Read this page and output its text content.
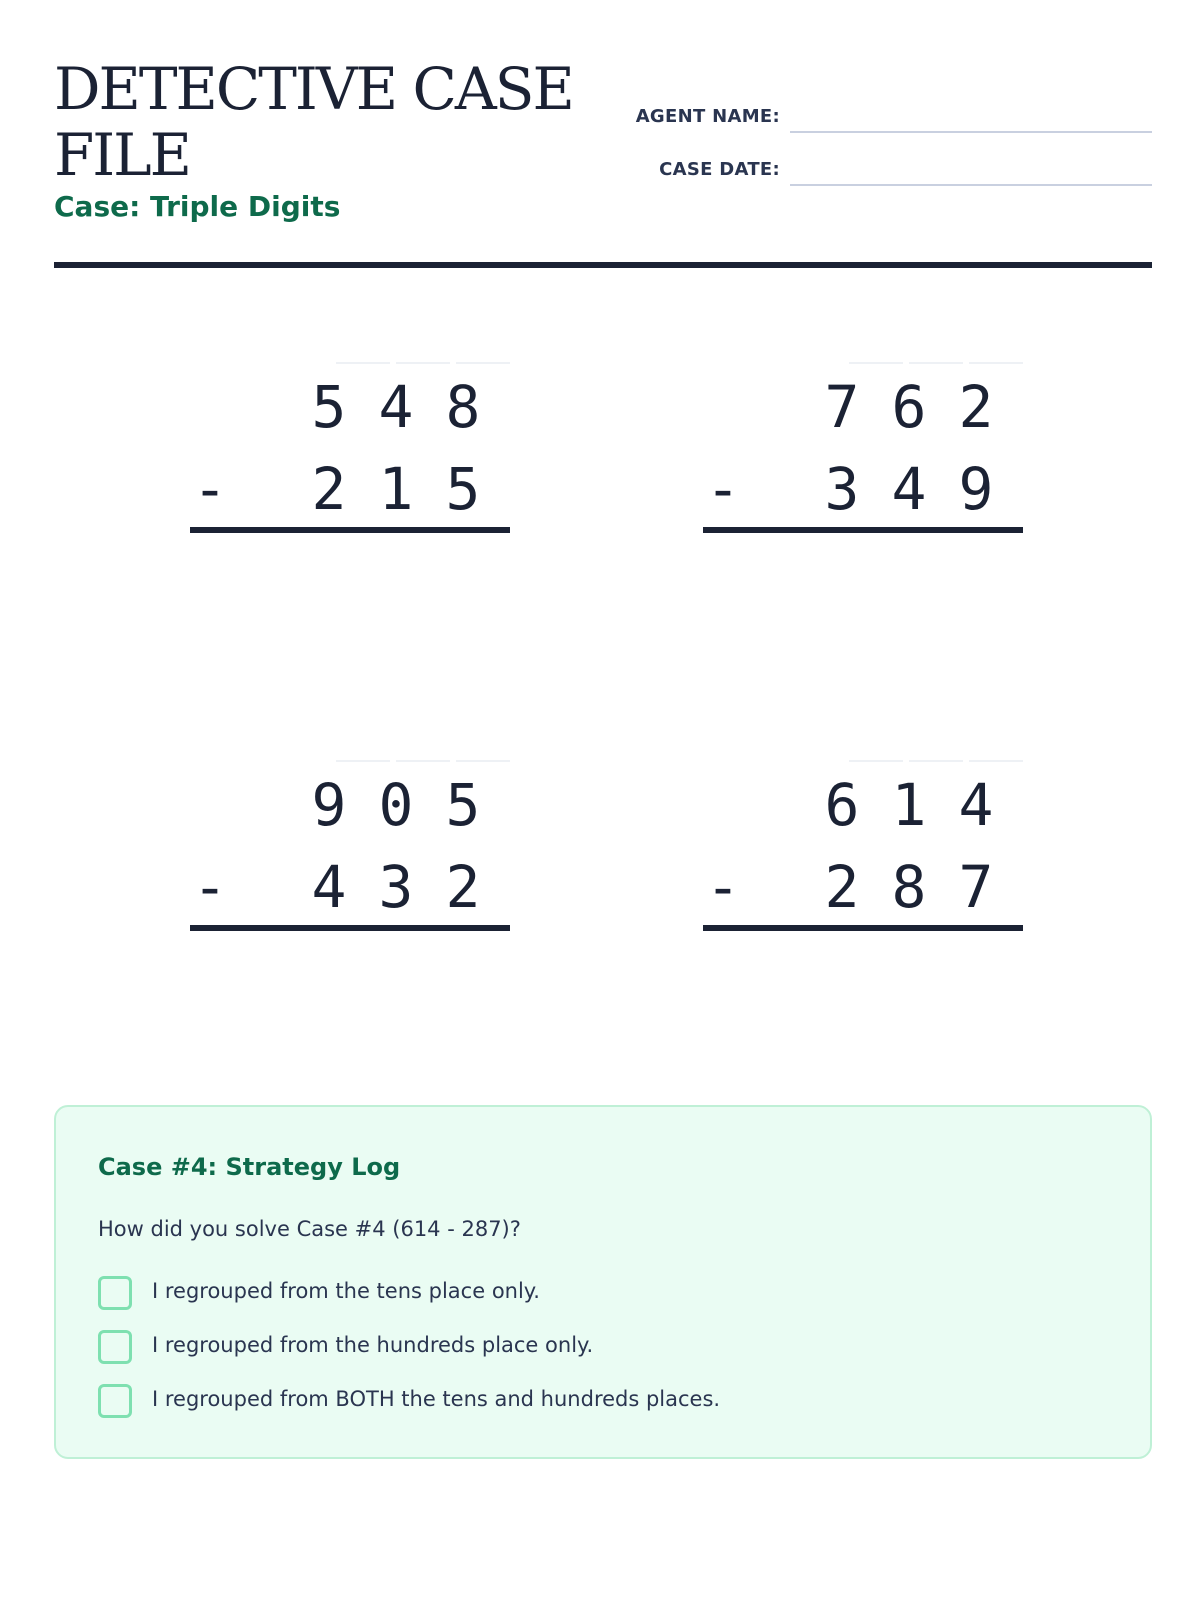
DETECTIVE CASE FILE
Case: Triple Digits
AGENT NAME:
CASE DATE:
5 4 8
- 2 1 5
7 6 2
- 3 4 9
9 0 5
- 4 3 2
6 1 4
- 2 8 7
Case #4: Strategy Log
How did you solve Case #4 (614 - 287)?
I regrouped from the tens place only.
I regrouped from the hundreds place only.
I regrouped from BOTH the tens and hundreds places.
